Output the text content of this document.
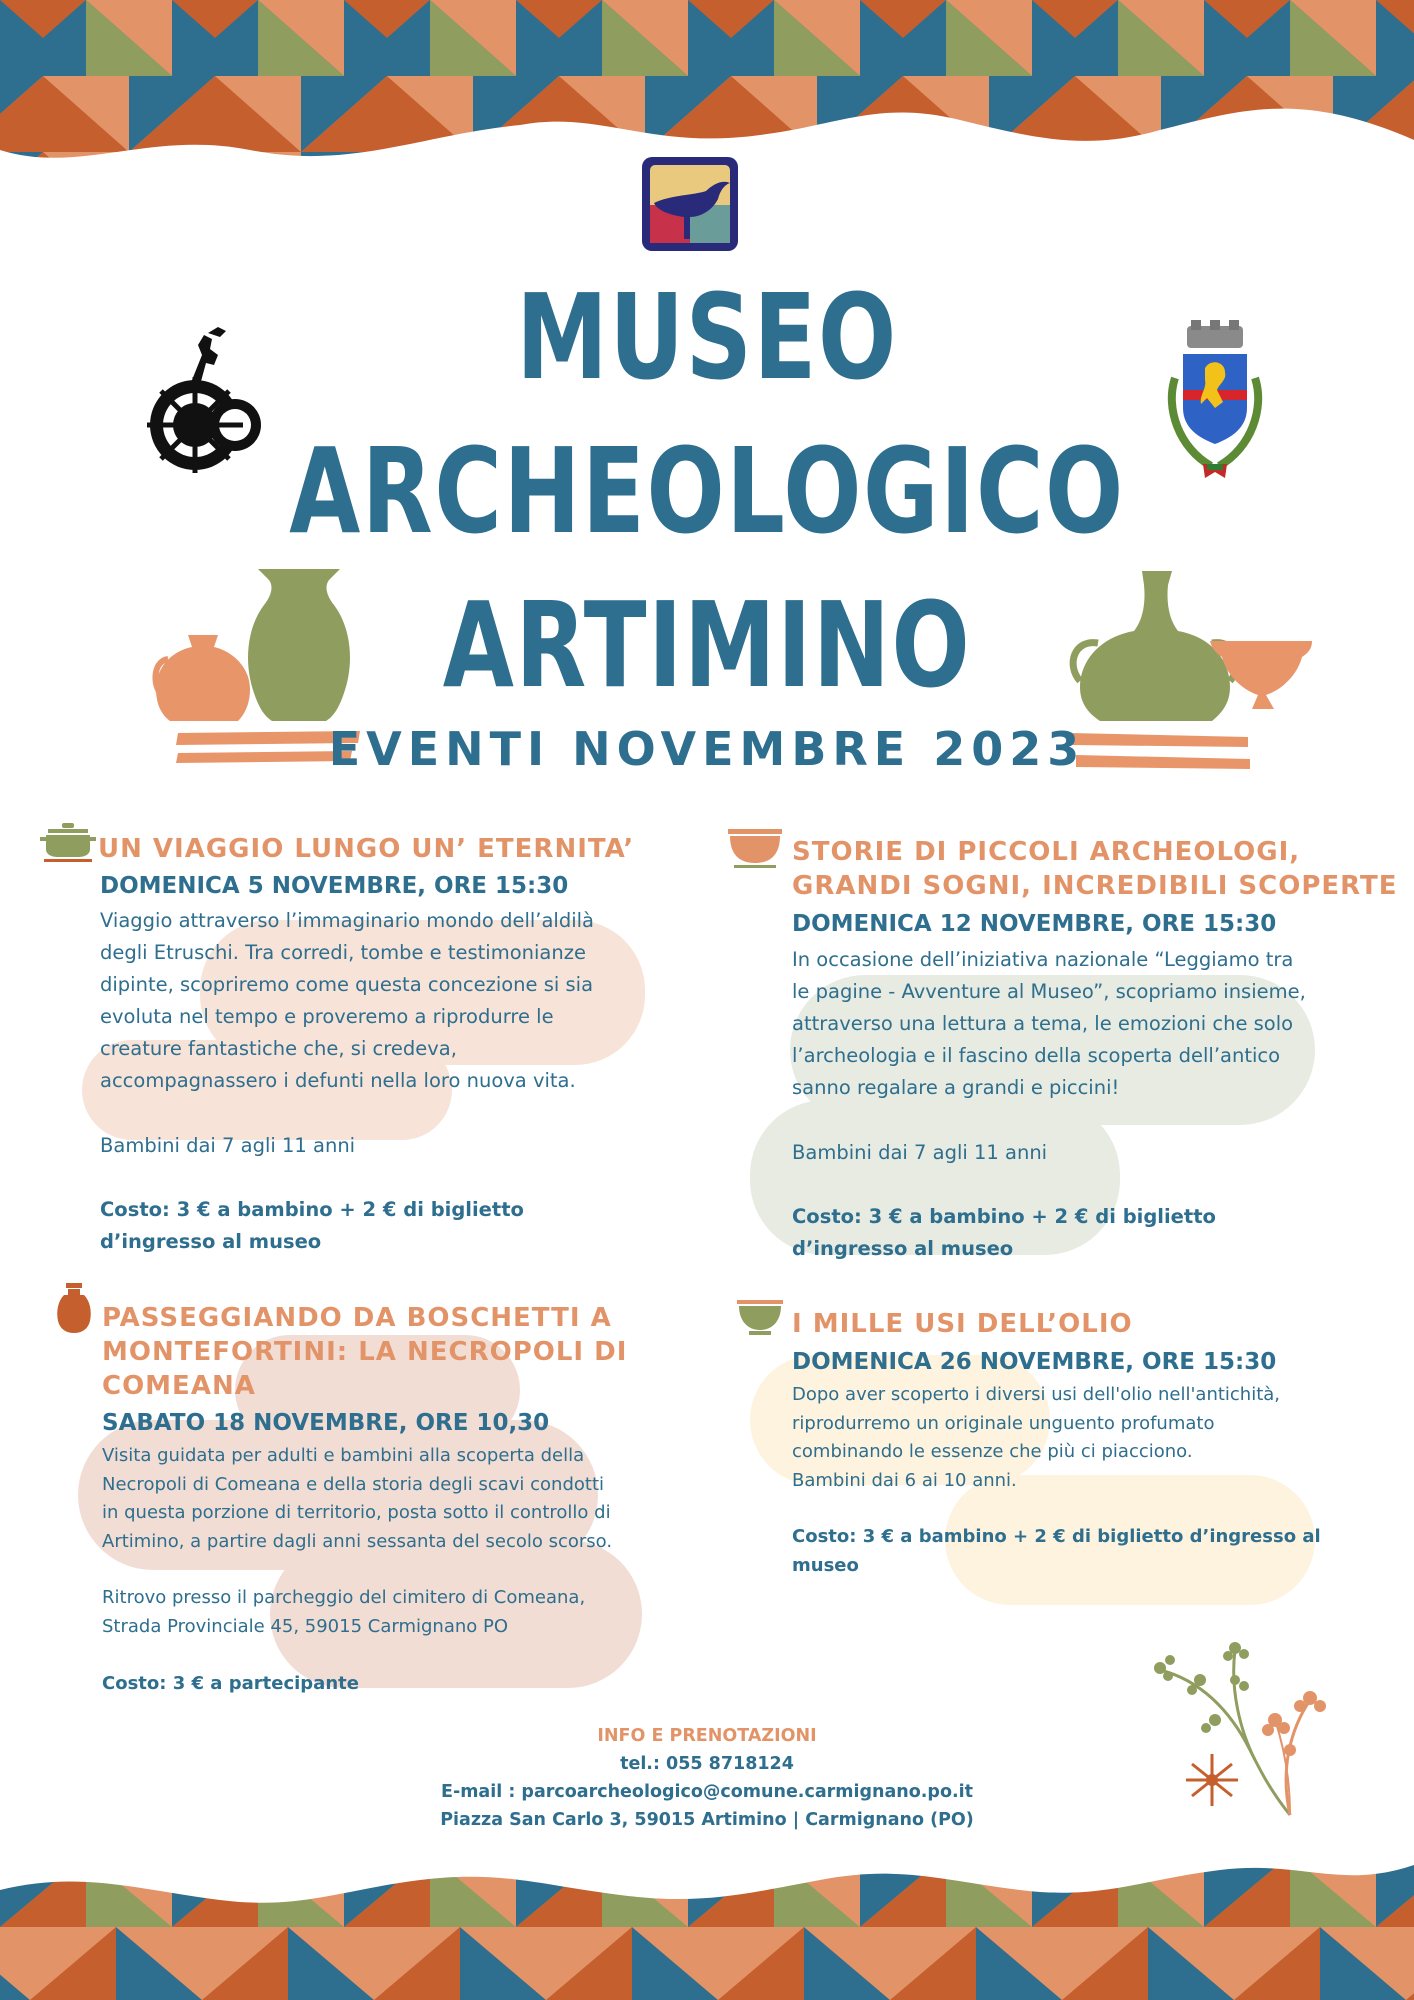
MUSEO
ARCHEOLOGICO
ARTIMINO
EVENTI NOVEMBRE 2023
UN VIAGGIO LUNGO UN’ ETERNITA’
DOMENICA 5 NOVEMBRE, ORE 15:30
Viaggio attraverso l’immaginario mondo dell’aldilà
degli Etruschi. Tra corredi, tombe e testimonianze
dipinte, scopriremo come questa concezione si sia
evoluta nel tempo e proveremo a riprodurre le
creature fantastiche che, si credeva,
accompagnassero i defunti nella loro nuova vita.
Bambini dai 7 agli 11 anni
Costo: 3 € a bambino + 2 € di biglietto
d’ingresso al museo
STORIE DI PICCOLI ARCHEOLOGI,
GRANDI SOGNI, INCREDIBILI SCOPERTE
DOMENICA 12 NOVEMBRE, ORE 15:30
In occasione dell’iniziativa nazionale “Leggiamo tra
le pagine - Avventure al Museo”, scopriamo insieme,
attraverso una lettura a tema, le emozioni che solo
l’archeologia e il fascino della scoperta dell’antico
sanno regalare a grandi e piccini!
Bambini dai 7 agli 11 anni
Costo: 3 € a bambino + 2 € di biglietto
d’ingresso al museo
PASSEGGIANDO DA BOSCHETTI A
MONTEFORTINI: LA NECROPOLI DI
COMEANA
SABATO 18 NOVEMBRE, ORE 10,30
Visita guidata per adulti e bambini alla scoperta della
Necropoli di Comeana e della storia degli scavi condotti
in questa porzione di territorio, posta sotto il controllo di
Artimino, a partire dagli anni sessanta del secolo scorso.
Ritrovo presso il parcheggio del cimitero di Comeana,
Strada Provinciale 45, 59015 Carmignano PO
Costo: 3 € a partecipante
I MILLE USI DELL’OLIO
DOMENICA 26 NOVEMBRE, ORE 15:30
Dopo aver scoperto i diversi usi dell'olio nell'antichità,
riprodurremo un originale unguento profumato
combinando le essenze che più ci piacciono.
Bambini dai 6 ai 10 anni.
Costo: 3 € a bambino + 2 € di biglietto d’ingresso al
museo
INFO E PRENOTAZIONI
tel.: 055 8718124
E-mail : parcoarcheologico@comune.carmignano.po.it
Piazza San Carlo 3, 59015 Artimino | Carmignano (PO)
